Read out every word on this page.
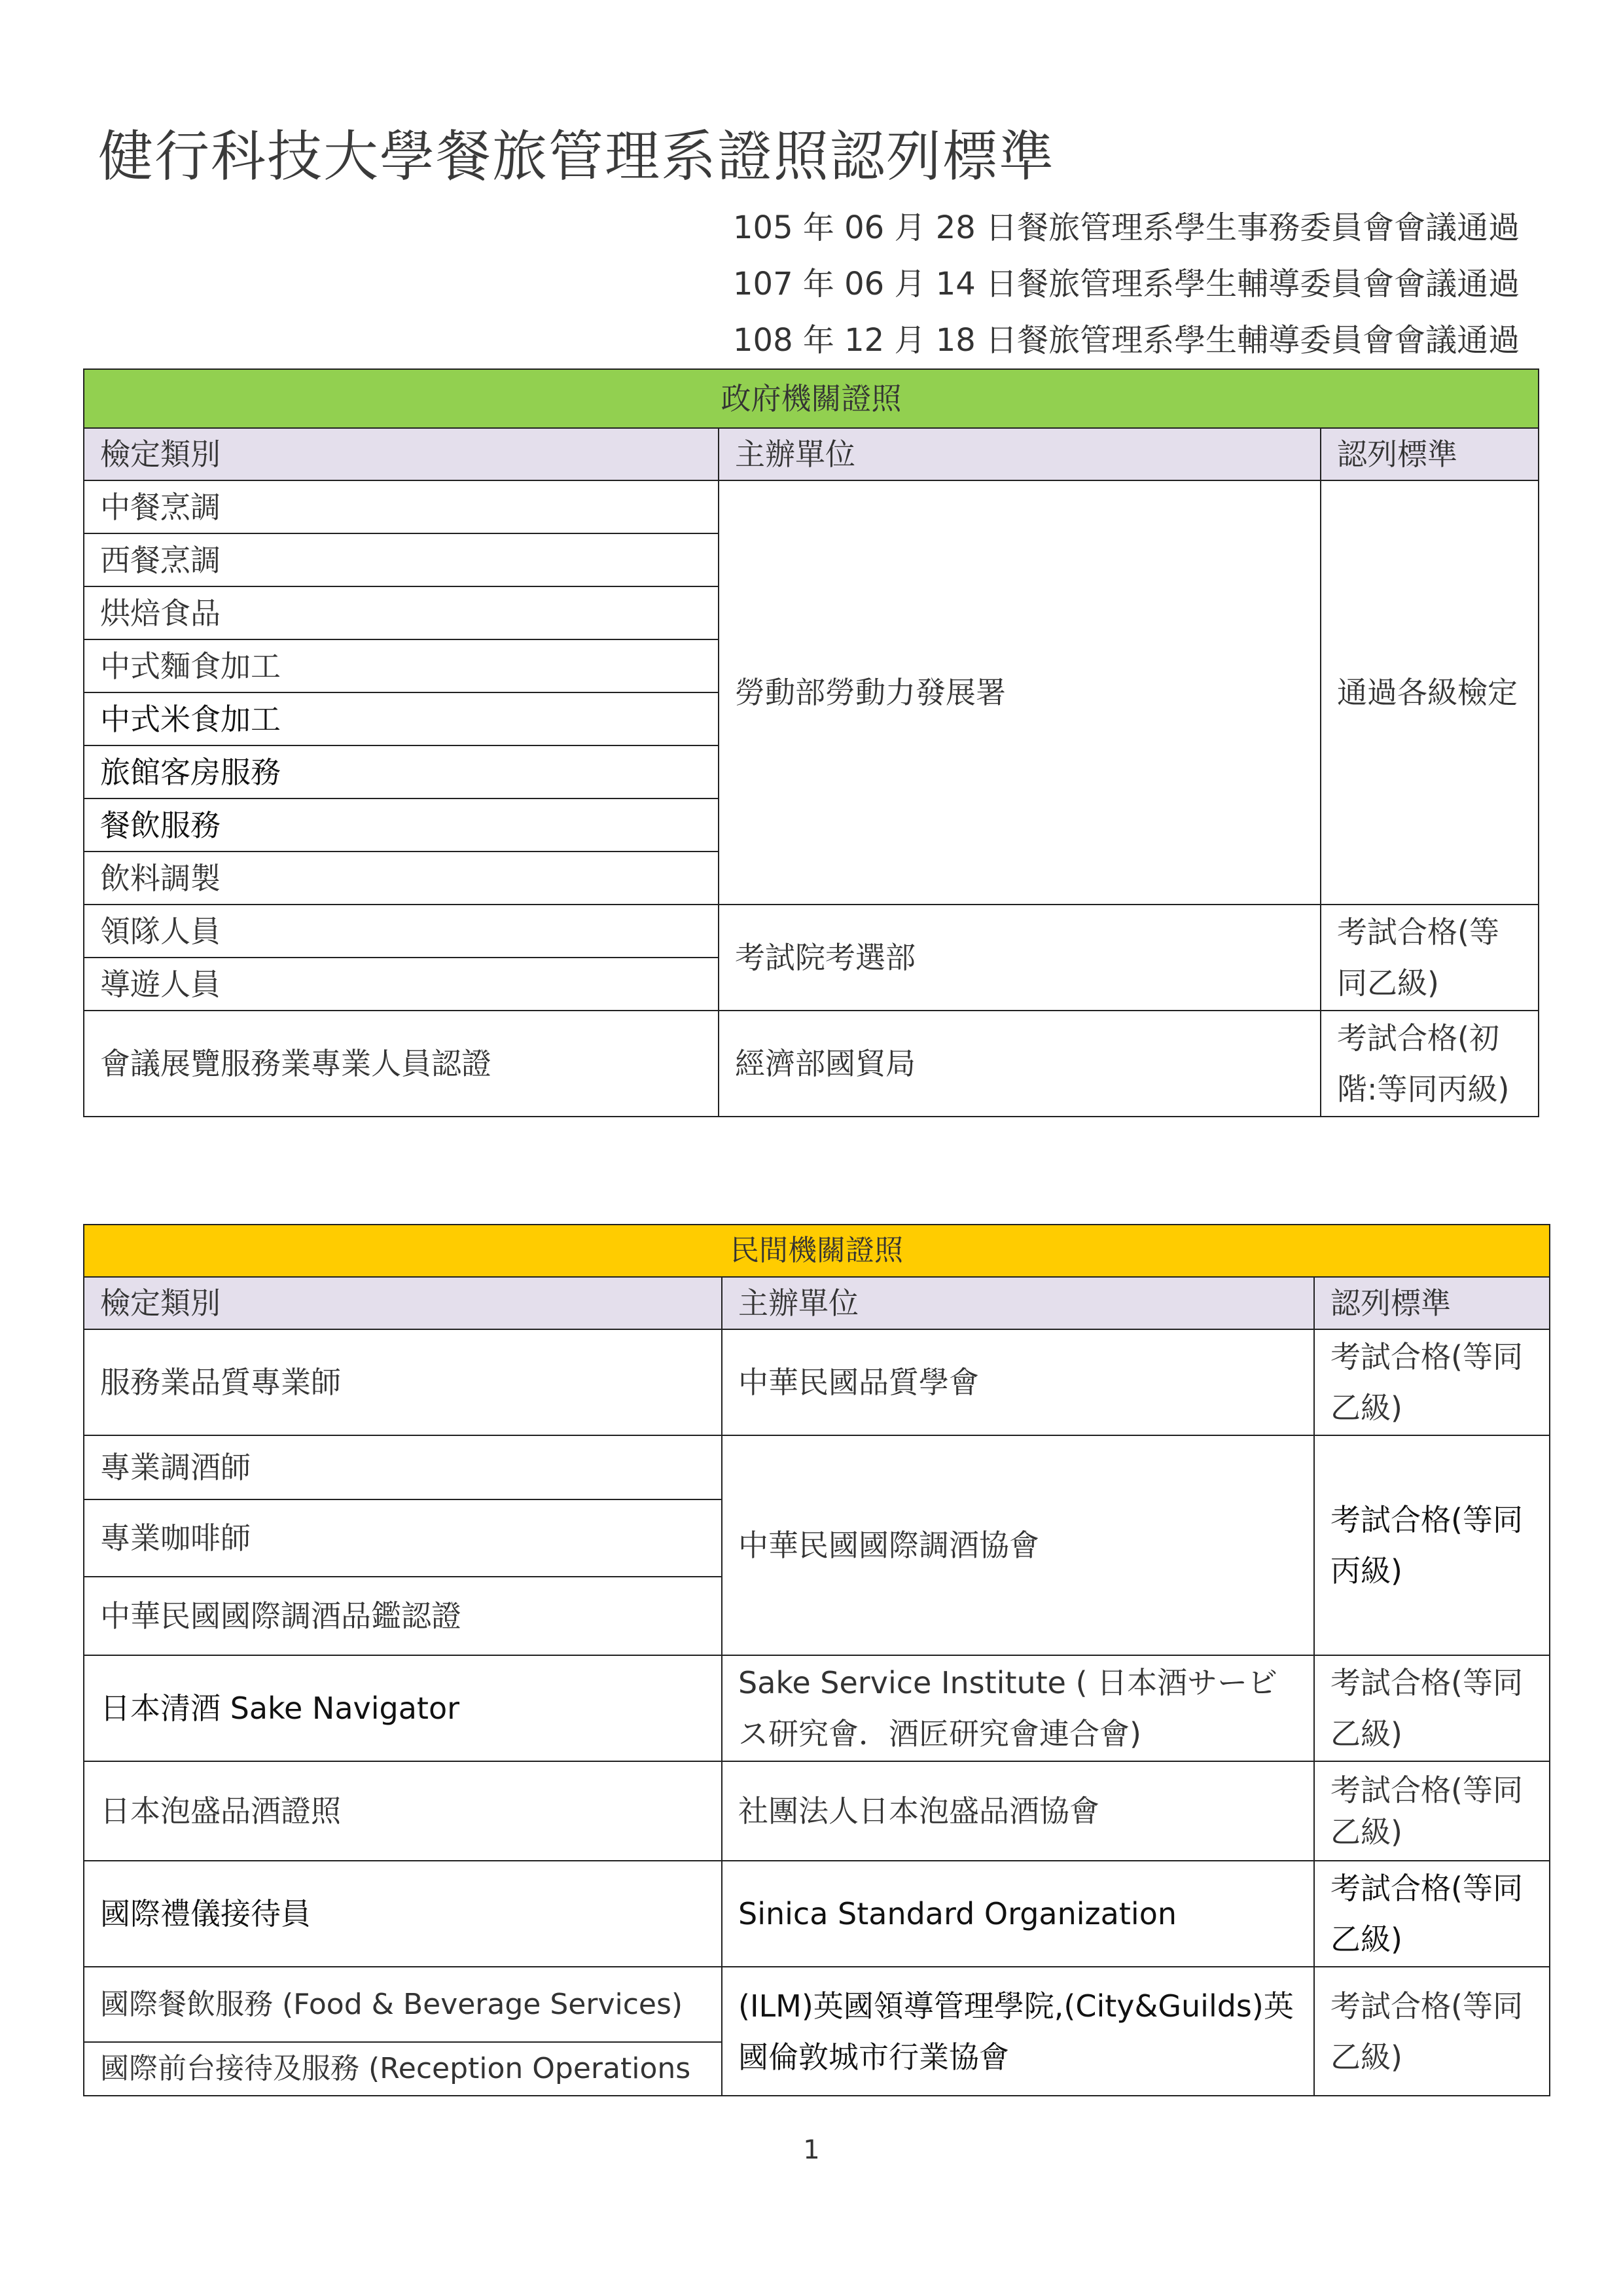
健行科技大學餐旅管理系證照認列標準
105 年 06 月 28 日餐旅管理系學生事務委員會會議通過
107 年 06 月 14 日餐旅管理系學生輔導委員會會議通過
108 年 12 月 18 日餐旅管理系學生輔導委員會會議通過
政府機關證照		
檢定類別	主辦單位	認列標準
中餐烹調	勞動部勞動力發展署	通過各級檢定
西餐烹調		
烘焙食品		
中式麵食加工		
中式米食加工		
旅館客房服務		
餐飲服務		
飲料調製		
領隊人員	考試院考選部	考試合格(等同乙級)
導遊人員		
會議展覽服務業專業人員認證	經濟部國貿局	考試合格(初階:等同丙級)
民間機關證照		
檢定類別	主辦單位	認列標準
服務業品質專業師	中華民國品質學會	考試合格(等同乙級)
專業調酒師	中華民國國際調酒協會	考試合格(等同丙級)
專業咖啡師		
中華民國國際調酒品鑑認證		
日本清酒 Sake Navigator	Sake Service Institute ( 日本酒サービス研究會．酒匠研究會連合會)	考試合格(等同乙級)
日本泡盛品酒證照	社團法人日本泡盛品酒協會	考試合格(等同乙級)
國際禮儀接待員	Sinica Standard Organization	考試合格(等同乙級)
國際餐飲服務 (Food & Beverage Services)	(ILM)英國領導管理學院,(City&Guilds)英國倫敦城市行業協會	考試合格(等同乙級)
國際前台接待及服務 (Reception Operations		
1
